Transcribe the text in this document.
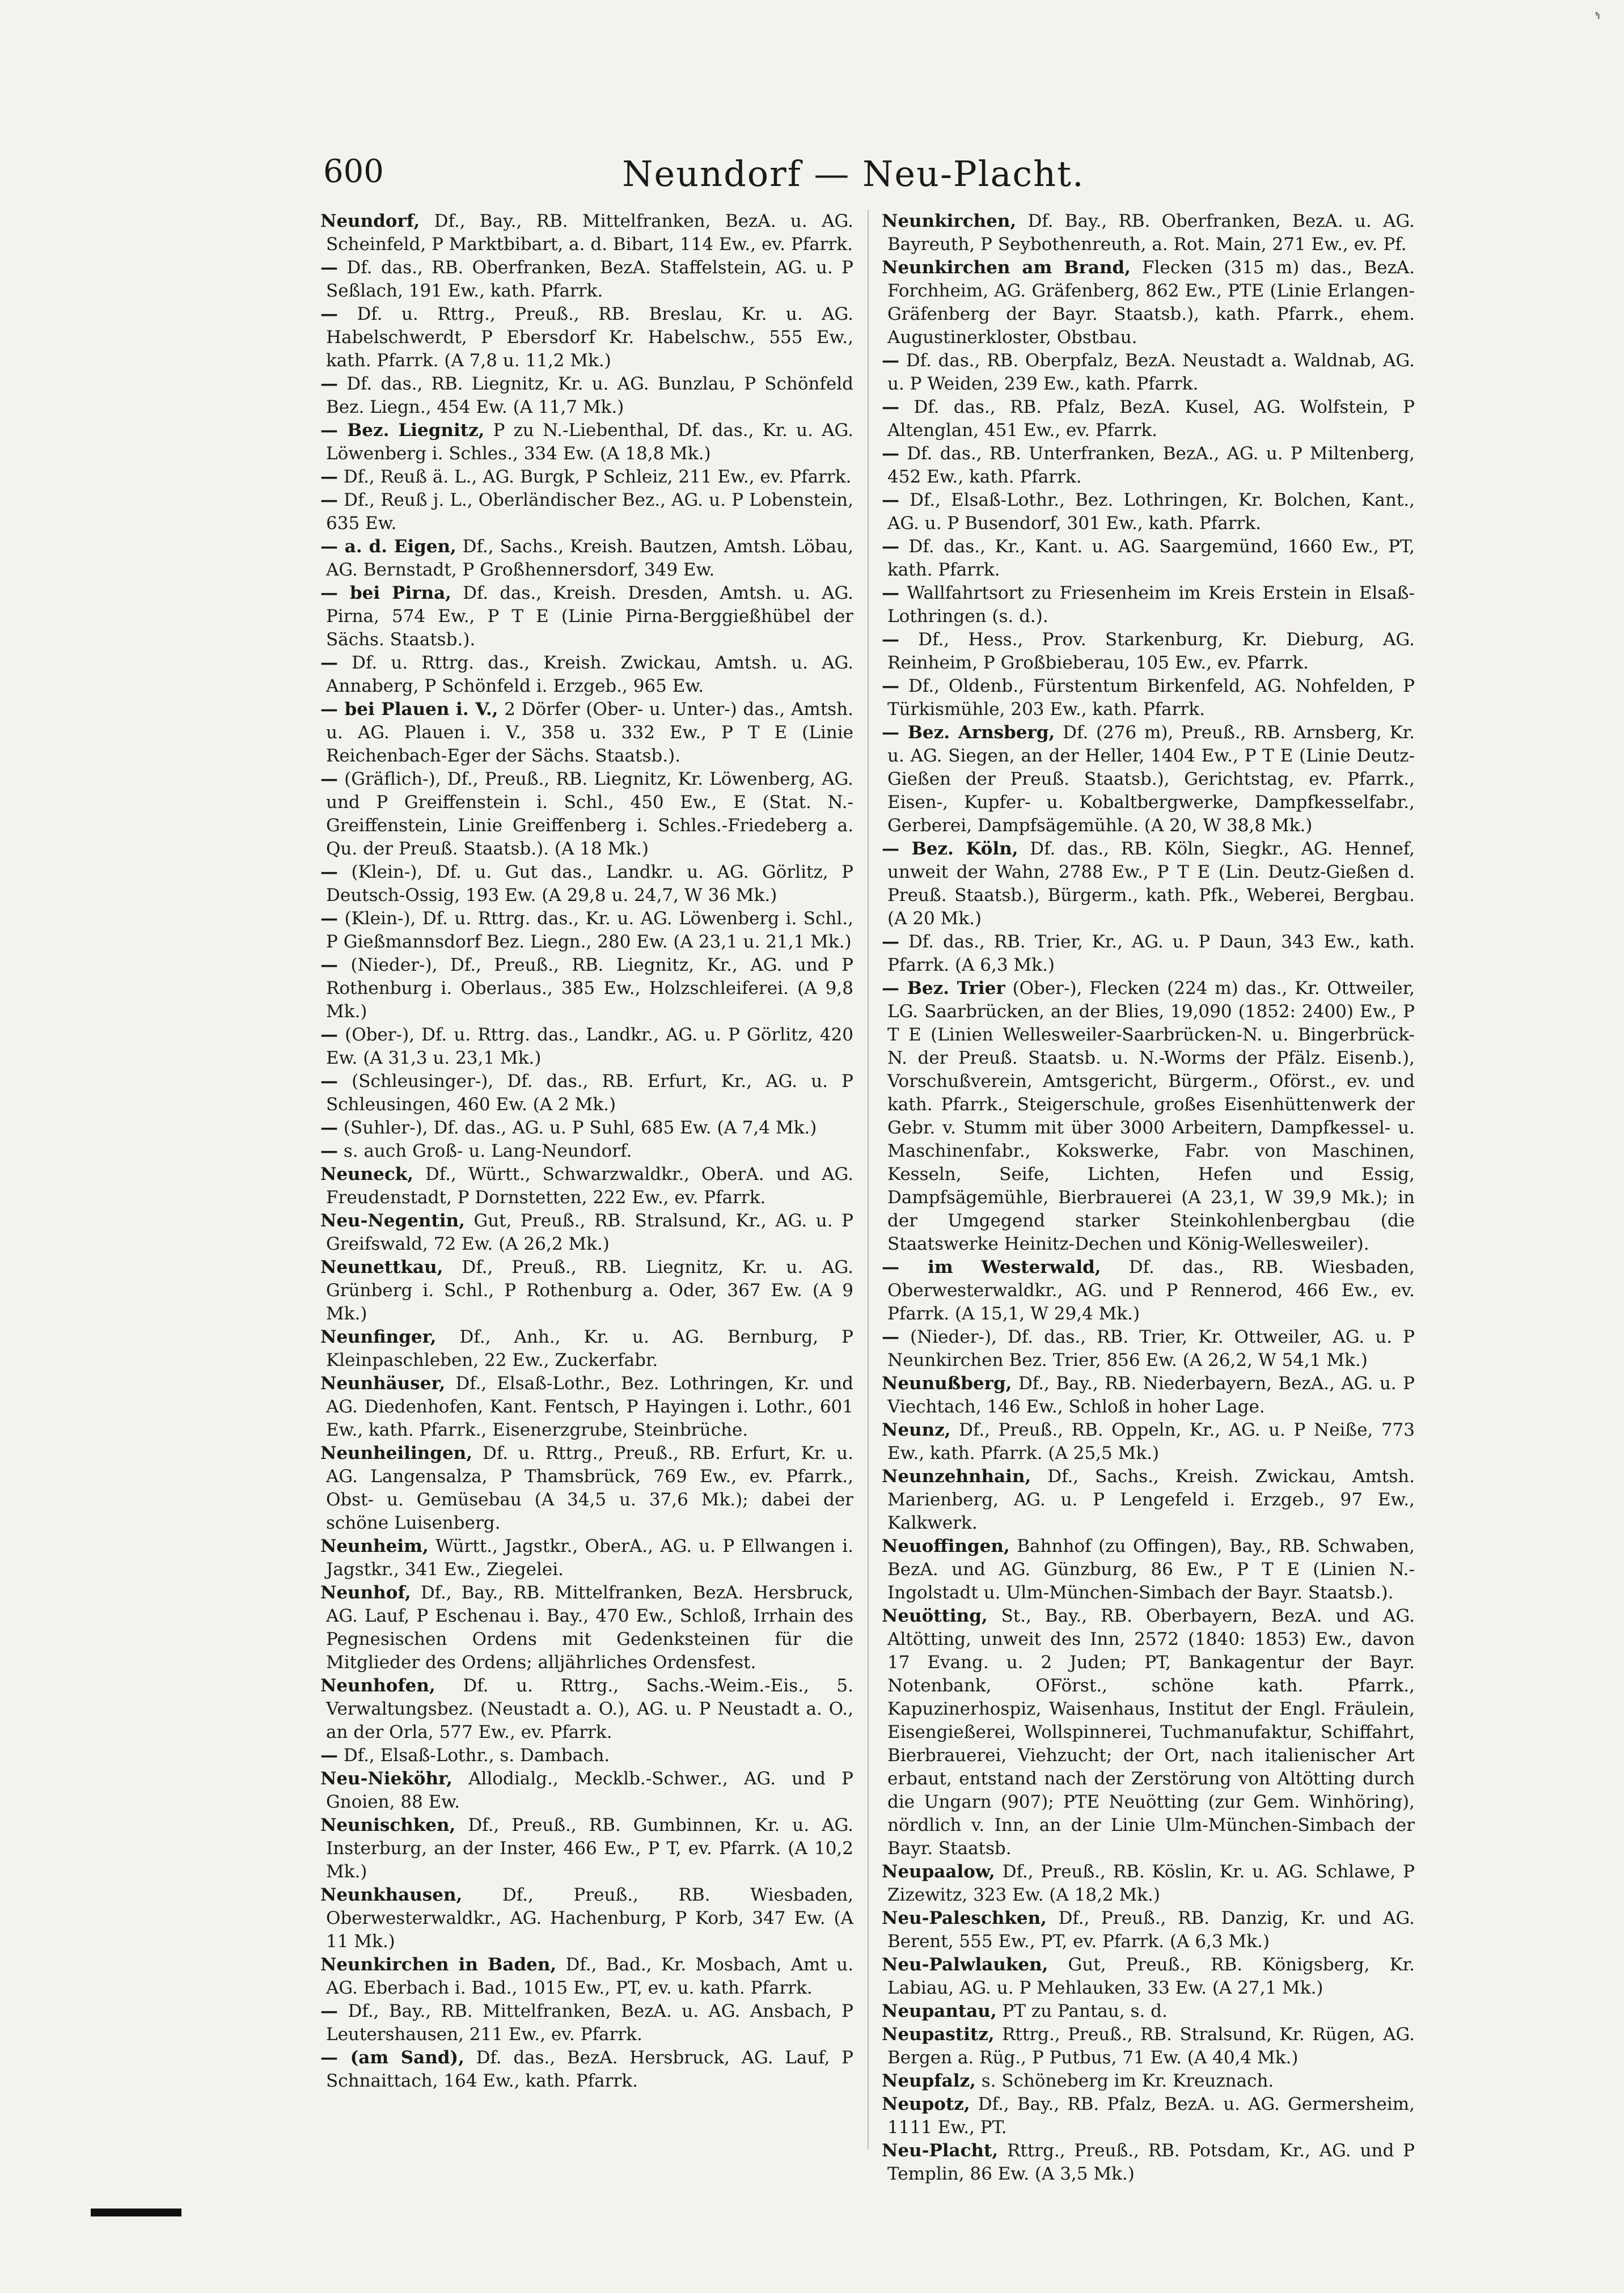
600	Neundorf — Neu-Placht.
'̓

Neundorf, Df., Bay., RB. Mittelfranken, BezA. u. AG. Scheinfeld, P Marktbibart, a. d. Bibart, 114 Ew., ev. Pfarrk.

— Df. das., RB. Oberfranken, BezA. Staffelstein, AG. u. P Seßlach, 191 Ew., kath. Pfarrk.

— Df. u. Rttrg., Preuß., RB. Breslau, Kr. u. AG. Habelschwerdt, P Ebersdorf Kr. Habelschw., 555 Ew., kath. Pfarrk. (A 7,8 u. 11,2 Mk.)

— Df. das., RB. Liegnitz, Kr. u. AG. Bunzlau, P Schönfeld Bez. Liegn., 454 Ew. (A 11,7 Mk.)

— Bez. Liegnitz, P zu N.-Liebenthal, Df. das., Kr. u. AG. Löwenberg i. Schles., 334 Ew. (A 18,8 Mk.)

— Df., Reuß ä. L., AG. Burgk, P Schleiz, 211 Ew., ev. Pfarrk.

— Df., Reuß j. L., Oberländischer Bez., AG. u. P Lobenstein, 635 Ew.

— a. d. Eigen, Df., Sachs., Kreish. Bautzen, Amtsh. Löbau, AG. Bernstadt, P Großhennersdorf, 349 Ew.

— bei Pirna, Df. das., Kreish. Dresden, Amtsh. u. AG. Pirna, 574 Ew., P T E (Linie Pirna-Berggießhübel der Sächs. Staatsb.).

— Df. u. Rttrg. das., Kreish. Zwickau, Amtsh. u. AG. Annaberg, P Schönfeld i. Erzgeb., 965 Ew.

— bei Plauen i. V., 2 Dörfer (Ober- u. Unter-) das., Amtsh. u. AG. Plauen i. V., 358 u. 332 Ew., P T E (Linie Reichenbach-Eger der Sächs. Staatsb.).

— (Gräflich-), Df., Preuß., RB. Liegnitz, Kr. Löwenberg, AG. und P Greiffenstein i. Schl., 450 Ew., E (Stat. N.-Greiffenstein, Linie Greiffenberg i. Schles.-Friedeberg a. Qu. der Preuß. Staatsb.). (A 18 Mk.)

— (Klein-), Df. u. Gut das., Landkr. u. AG. Görlitz, P Deutsch-Ossig, 193 Ew. (A 29,8 u. 24,7, W 36 Mk.)

— (Klein-), Df. u. Rttrg. das., Kr. u. AG. Löwenberg i. Schl., P Gießmannsdorf Bez. Liegn., 280 Ew. (A 23,1 u. 21,1 Mk.)

— (Nieder-), Df., Preuß., RB. Liegnitz, Kr., AG. und P Rothenburg i. Oberlaus., 385 Ew., Holzschleiferei. (A 9,8 Mk.)

— (Ober-), Df. u. Rttrg. das., Landkr., AG. u. P Görlitz, 420 Ew. (A 31,3 u. 23,1 Mk.)

— (Schleusinger-), Df. das., RB. Erfurt, Kr., AG. u. P Schleusingen, 460 Ew. (A 2 Mk.)

— (Suhler-), Df. das., AG. u. P Suhl, 685 Ew. (A 7,4 Mk.)

— s. auch Groß- u. Lang-Neundorf.

Neuneck, Df., Württ., Schwarzwaldkr., OberA. und AG. Freudenstadt, P Dornstetten, 222 Ew., ev. Pfarrk.

Neu-Negentin, Gut, Preuß., RB. Stralsund, Kr., AG. u. P Greifswald, 72 Ew. (A 26,2 Mk.)

Neunettkau, Df., Preuß., RB. Liegnitz, Kr. u. AG. Grünberg i. Schl., P Rothenburg a. Oder, 367 Ew. (A 9 Mk.)

Neunfinger, Df., Anh., Kr. u. AG. Bernburg, P Kleinpaschleben, 22 Ew., Zuckerfabr.

Neunhäuser, Df., Elsaß-Lothr., Bez. Lothringen, Kr. und AG. Diedenhofen, Kant. Fentsch, P Hayingen i. Lothr., 601 Ew., kath. Pfarrk., Eisenerzgrube, Steinbrüche.

Neunheilingen, Df. u. Rttrg., Preuß., RB. Erfurt, Kr. u. AG. Langensalza, P Thamsbrück, 769 Ew., ev. Pfarrk., Obst- u. Gemüsebau (A 34,5 u. 37,6 Mk.); dabei der schöne Luisenberg.

Neunheim, Württ., Jagstkr., OberA., AG. u. P Ellwangen i. Jagstkr., 341 Ew., Ziegelei.

Neunhof, Df., Bay., RB. Mittelfranken, BezA. Hersbruck, AG. Lauf, P Eschenau i. Bay., 470 Ew., Schloß, Irrhain des Pegnesischen Ordens mit Gedenksteinen für die Mitglieder des Ordens; alljährliches Ordensfest.

Neunhofen, Df. u. Rttrg., Sachs.-Weim.-Eis., 5. Verwaltungsbez. (Neustadt a. O.), AG. u. P Neustadt a. O., an der Orla, 577 Ew., ev. Pfarrk.

— Df., Elsaß-Lothr., s. Dambach.

Neu-Nieköhr, Allodialg., Mecklb.-Schwer., AG. und P Gnoien, 88 Ew.

Neunischken, Df., Preuß., RB. Gumbinnen, Kr. u. AG. Insterburg, an der Inster, 466 Ew., P T, ev. Pfarrk. (A 10,2 Mk.)

Neunkhausen, Df., Preuß., RB. Wiesbaden, Oberwesterwaldkr., AG. Hachenburg, P Korb, 347 Ew. (A 11 Mk.)

Neunkirchen in Baden, Df., Bad., Kr. Mosbach, Amt u. AG. Eberbach i. Bad., 1015 Ew., PT, ev. u. kath. Pfarrk.

— Df., Bay., RB. Mittelfranken, BezA. u. AG. Ansbach, P Leutershausen, 211 Ew., ev. Pfarrk.

— (am Sand), Df. das., BezA. Hersbruck, AG. Lauf, P Schnaittach, 164 Ew., kath. Pfarrk.

Neunkirchen, Df. Bay., RB. Oberfranken, BezA. u. AG. Bayreuth, P Seybothenreuth, a. Rot. Main, 271 Ew., ev. Pf.

Neunkirchen am Brand, Flecken (315 m) das., BezA. Forchheim, AG. Gräfenberg, 862 Ew., PTE (Linie Erlangen-Gräfenberg der Bayr. Staatsb.), kath. Pfarrk., ehem. Augustinerkloster, Obstbau.

— Df. das., RB. Oberpfalz, BezA. Neustadt a. Waldnab, AG. u. P Weiden, 239 Ew., kath. Pfarrk.

— Df. das., RB. Pfalz, BezA. Kusel, AG. Wolfstein, P Altenglan, 451 Ew., ev. Pfarrk.

— Df. das., RB. Unterfranken, BezA., AG. u. P Miltenberg, 452 Ew., kath. Pfarrk.

— Df., Elsaß-Lothr., Bez. Lothringen, Kr. Bolchen, Kant., AG. u. P Busendorf, 301 Ew., kath. Pfarrk.

— Df. das., Kr., Kant. u. AG. Saargemünd, 1660 Ew., PT, kath. Pfarrk.

— Wallfahrtsort zu Friesenheim im Kreis Erstein in Elsaß-Lothringen (s. d.).

— Df., Hess., Prov. Starkenburg, Kr. Dieburg, AG. Reinheim, P Großbieberau, 105 Ew., ev. Pfarrk.

— Df., Oldenb., Fürstentum Birkenfeld, AG. Nohfelden, P Türkismühle, 203 Ew., kath. Pfarrk.

— Bez. Arnsberg, Df. (276 m), Preuß., RB. Arnsberg, Kr. u. AG. Siegen, an der Heller, 1404 Ew., P T E (Linie Deutz-Gießen der Preuß. Staatsb.), Gerichtstag, ev. Pfarrk., Eisen-, Kupfer- u. Kobaltbergwerke, Dampfkesselfabr., Gerberei, Dampfsägemühle. (A 20, W 38,8 Mk.)

— Bez. Köln, Df. das., RB. Köln, Siegkr., AG. Hennef, unweit der Wahn, 2788 Ew., P T E (Lin. Deutz-Gießen d. Preuß. Staatsb.), Bürgerm., kath. Pfk., Weberei, Bergbau. (A 20 Mk.)

— Df. das., RB. Trier, Kr., AG. u. P Daun, 343 Ew., kath. Pfarrk. (A 6,3 Mk.)

— Bez. Trier (Ober-), Flecken (224 m) das., Kr. Ottweiler, LG. Saarbrücken, an der Blies, 19,090 (1852: 2400) Ew., P T E (Linien Wellesweiler-Saarbrücken-N. u. Bingerbrück-N. der Preuß. Staatsb. u. N.-Worms der Pfälz. Eisenb.), Vorschußverein, Amtsgericht, Bürgerm., Oförst., ev. und kath. Pfarrk., Steigerschule, großes Eisenhüttenwerk der Gebr. v. Stumm mit über 3000 Arbeitern, Dampfkessel- u. Maschinenfabr., Kokswerke, Fabr. von Maschinen, Kesseln, Seife, Lichten, Hefen und Essig, Dampfsägemühle, Bierbrauerei (A 23,1, W 39,9 Mk.); in der Umgegend starker Steinkohlenbergbau (die Staatswerke Heinitz-Dechen und König-Wellesweiler).

— im Westerwald, Df. das., RB. Wiesbaden, Oberwesterwaldkr., AG. und P Rennerod, 466 Ew., ev. Pfarrk. (A 15,1, W 29,4 Mk.)

— (Nieder-), Df. das., RB. Trier, Kr. Ottweiler, AG. u. P Neunkirchen Bez. Trier, 856 Ew. (A 26,2, W 54,1 Mk.)

Neunußberg, Df., Bay., RB. Niederbayern, BezA., AG. u. P Viechtach, 146 Ew., Schloß in hoher Lage.

Neunz, Df., Preuß., RB. Oppeln, Kr., AG. u. P Neiße, 773 Ew., kath. Pfarrk. (A 25,5 Mk.)

Neunzehnhain, Df., Sachs., Kreish. Zwickau, Amtsh. Marienberg, AG. u. P Lengefeld i. Erzgeb., 97 Ew., Kalkwerk.

Neuoffingen, Bahnhof (zu Offingen), Bay., RB. Schwaben, BezA. und AG. Günzburg, 86 Ew., P T E (Linien N.-Ingolstadt u. Ulm-München-Simbach der Bayr. Staatsb.).

Neuötting, St., Bay., RB. Oberbayern, BezA. und AG. Altötting, unweit des Inn, 2572 (1840: 1853) Ew., davon 17 Evang. u. 2 Juden; PT, Bankagentur der Bayr. Notenbank, OFörst., schöne kath. Pfarrk., Kapuzinerhospiz, Waisenhaus, Institut der Engl. Fräulein, Eisengießerei, Wollspinnerei, Tuchmanufaktur, Schiffahrt, Bierbrauerei, Viehzucht; der Ort, nach italienischer Art erbaut, entstand nach der Zerstörung von Altötting durch die Ungarn (907); PTE Neuötting (zur Gem. Winhöring), nördlich v. Inn, an der Linie Ulm-München-Simbach der Bayr. Staatsb.

Neupaalow, Df., Preuß., RB. Köslin, Kr. u. AG. Schlawe, P Zizewitz, 323 Ew. (A 18,2 Mk.)

Neu-Paleschken, Df., Preuß., RB. Danzig, Kr. und AG. Berent, 555 Ew., PT, ev. Pfarrk. (A 6,3 Mk.)

Neu-Palwlauken, Gut, Preuß., RB. Königsberg, Kr. Labiau, AG. u. P Mehlauken, 33 Ew. (A 27,1 Mk.)

Neupantau, PT zu Pantau, s. d.

Neupastitz, Rttrg., Preuß., RB. Stralsund, Kr. Rügen, AG. Bergen a. Rüg., P Putbus, 71 Ew. (A 40,4 Mk.)

Neupfalz, s. Schöneberg im Kr. Kreuznach.

Neupotz, Df., Bay., RB. Pfalz, BezA. u. AG. Germersheim, 1111 Ew., PT.

Neu-Placht, Rttrg., Preuß., RB. Potsdam, Kr., AG. und P Templin, 86 Ew. (A 3,5 Mk.)
